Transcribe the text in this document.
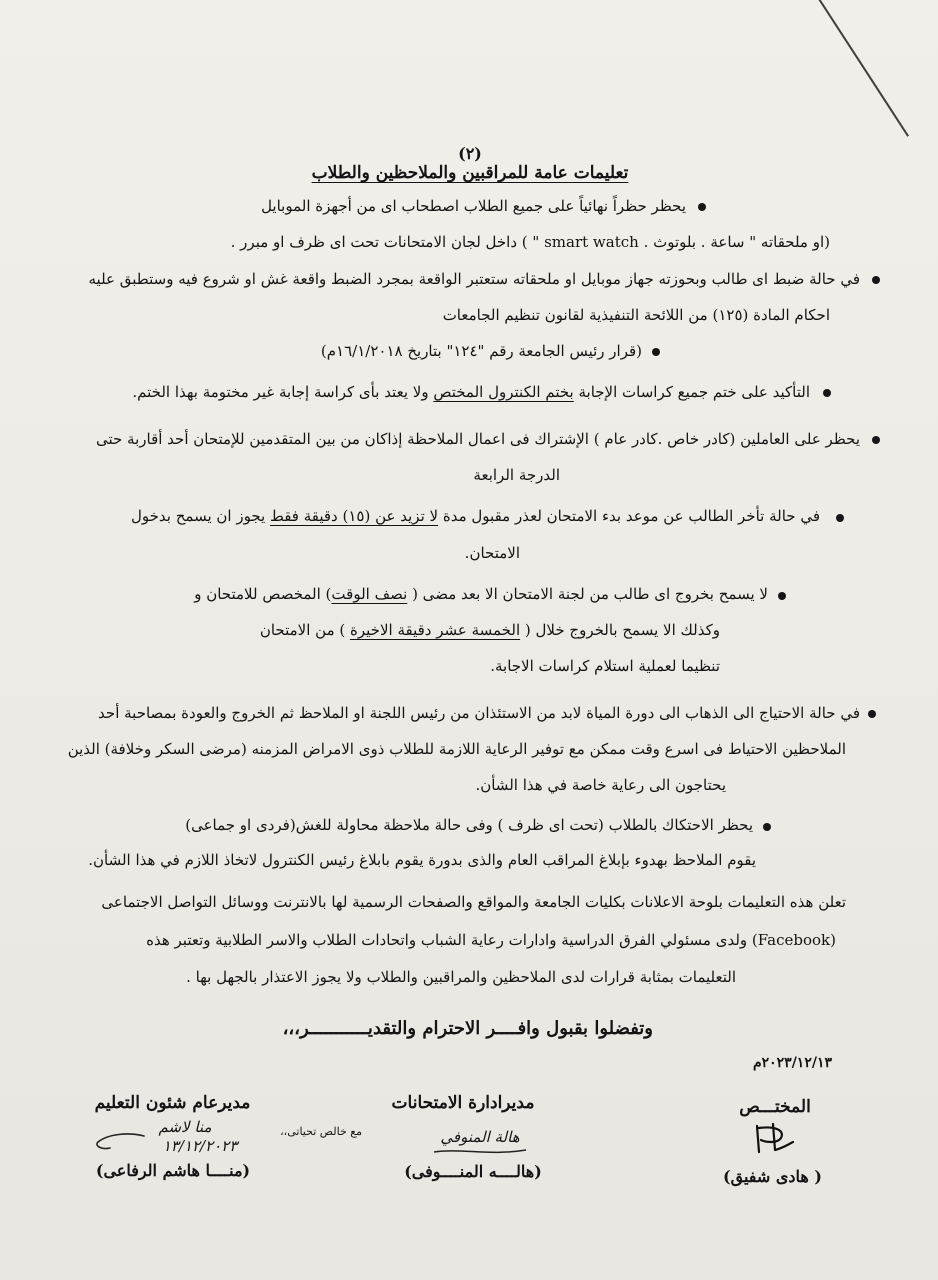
(٢)
تعليمات عامة للمراقبين والملاحظين والطلاب
يحظر حظراً نهائياً على جميع الطلاب اصطحاب اى من أجهزة الموبايل
(او ملحقاته " ساعة . بلوتوث . smart watch " ) داخل لجان الامتحانات تحت اى ظرف او مبرر .
في حالة ضبط اى طالب وبحوزته جهاز موبايل او ملحقاته ستعتبر الواقعة بمجرد الضبط واقعة غش او شروع فيه وستطبق عليه
احكام المادة (١٢٥) من اللائحة التنفيذية لقانون تنظيم الجامعات
(قرار رئيس الجامعة رقم "١٢٤" بتاريخ ١٦/١/٢٠١٨م)
التأكيد على ختم جميع كراسات الإجابة بختم الكنترول المختص ولا يعتد بأى كراسة إجابة غير مختومة بهذا الختم.
يحظر على العاملين (كادر خاص .كادر عام ) الإشتراك فى اعمال الملاحظة إذاكان من بين المتقدمين للإمتحان أحد أقاربة حتى
الدرجة الرابعة
في حالة تأخر الطالب عن موعد بدء الامتحان لعذر مقبول مدة لا تزيد عن (١٥) دقيقة فقط يجوز ان يسمح بدخول
الامتحان.
لا يسمح بخروج اى طالب من لجنة الامتحان الا بعد مضى ( نصف الوقت) المخصص للامتحان و
وكذلك الا يسمح بالخروج خلال ( الخمسة عشر دقيقة الاخيرة ) من الامتحان
تنظيما لعملية استلام كراسات الاجابة.
في حالة الاحتياج الى الذهاب الى دورة المياة لابد من الاستئذان من رئيس اللجنة او الملاحظ ثم الخروج والعودة بمصاحبة أحد
الملاحظين الاحتياط فى اسرع وقت ممكن مع توفير الرعاية اللازمة للطلاب ذوى الامراض المزمنه (مرضى السكر وخلافة) الذين
يحتاجون الى رعاية خاصة في هذا الشأن.
يحظر الاحتكاك بالطلاب (تحت اى ظرف ) وفى حالة ملاحظة محاولة للغش(فردى او جماعى)
يقوم الملاحظ بهدوء بإبلاغ المراقب العام والذى بدورة يقوم بابلاغ رئيس الكنترول لاتخاذ اللازم في هذا الشأن.
تعلن هذه التعليمات بلوحة الاعلانات بكليات الجامعة والمواقع والصفحات الرسمية لها بالانترنت ووسائل التواصل الاجتماعى
(Facebook) ولدى مسئولي الفرق الدراسية وادارات رعاية الشباب واتحادات الطلاب والاسر الطلابية وتعتبر هذه
التعليمات بمثابة قرارات لدى الملاحظين والمراقبين والطلاب ولا يجوز الاعتذار بالجهل بها .
وتفضلوا بقبول وافــــر الاحترام والتقديـــــــــــر،،،
٢٠٢٣/١٢/١٣م
المختـــص
( هادى شفيق)
مديرادارة الامتحانات
هالة المنوفي
(هالــــه المنــــوفى)
مديرعام شئون التعليم
منا لاشم
١٣/١٢/٢٠٢٣
مع خالص تحياتى،،
(منــــا هاشم الرفاعى)
